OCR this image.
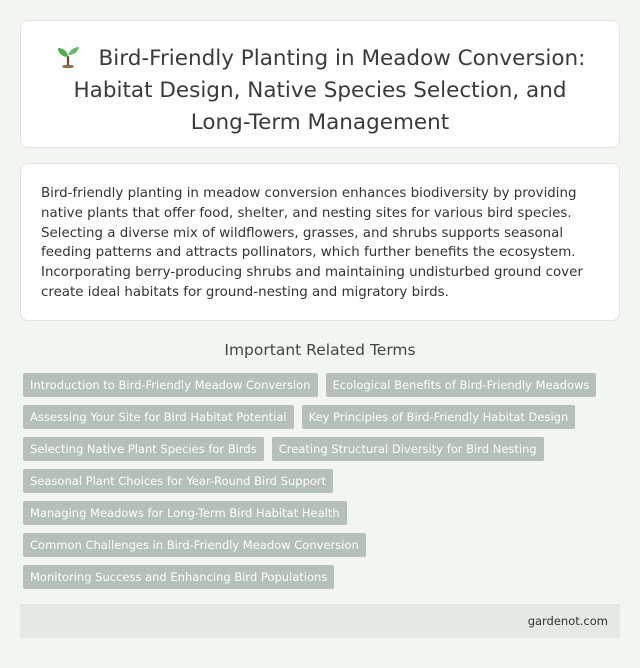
Bird-Friendly Planting in Meadow Conversion: Habitat Design, Native Species Selection, and Long-Term Management

Bird-friendly planting in meadow conversion enhances biodiversity by providing native plants that offer food, shelter, and nesting sites for various bird species. Selecting a diverse mix of wildflowers, grasses, and shrubs supports seasonal feeding patterns and attracts pollinators, which further benefits the ecosystem. Incorporating berry-producing shrubs and maintaining undisturbed ground cover create ideal habitats for ground-nesting and migratory birds.

Important Related Terms
Introduction to Bird-Friendly Meadow Conversion	Ecological Benefits of Bird-Friendly Meadows
Assessing Your Site for Bird Habitat Potential	Key Principles of Bird-Friendly Habitat Design
Selecting Native Plant Species for Birds	Creating Structural Diversity for Bird Nesting
Seasonal Plant Choices for Year-Round Bird Support
Managing Meadows for Long-Term Bird Habitat Health
Common Challenges in Bird-Friendly Meadow Conversion
Monitoring Success and Enhancing Bird Populations
gardenot.com
